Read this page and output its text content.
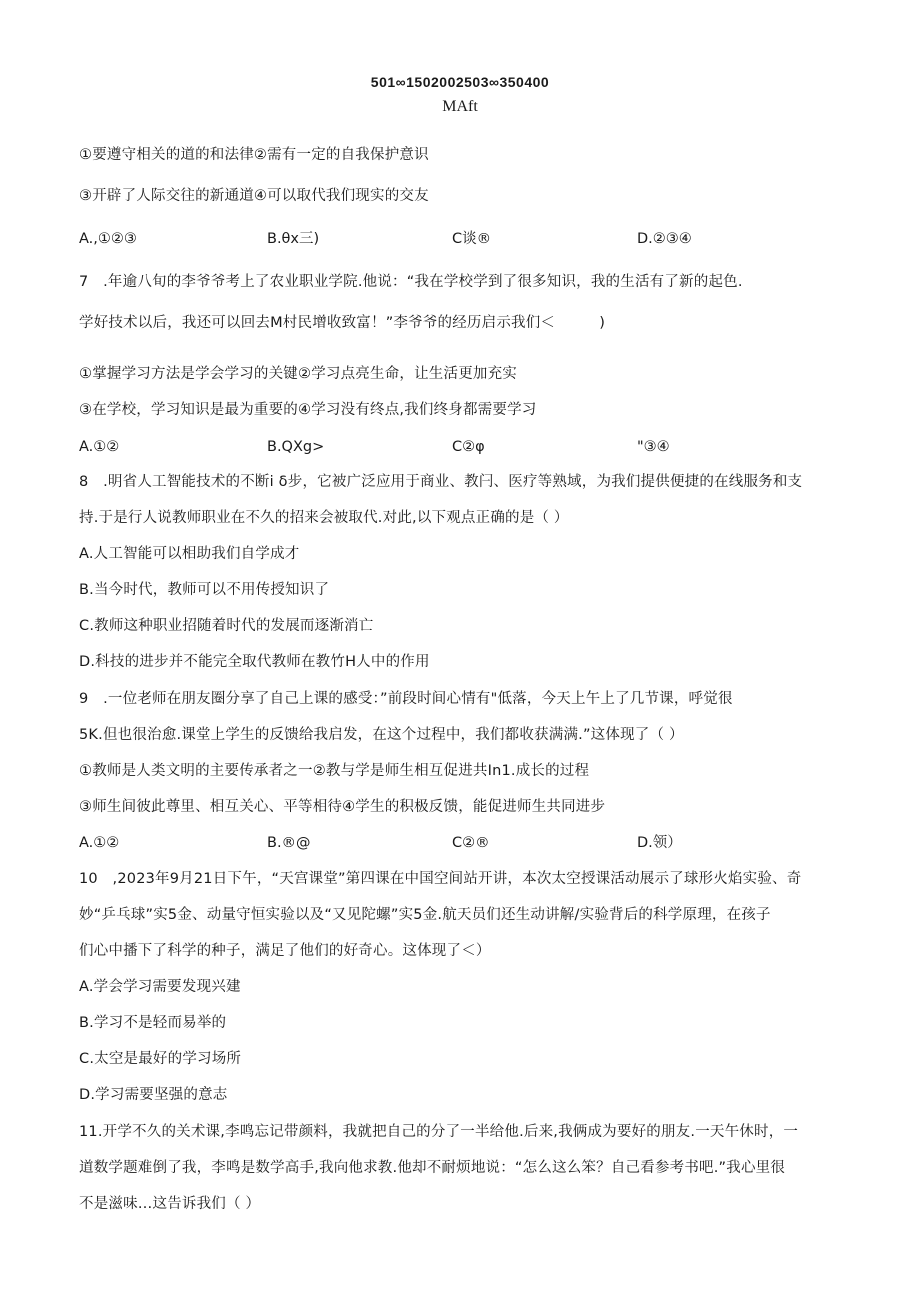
501∞1502002503∞350400
MAft
①要遵守相关的道的和法律②需有一定的自我保护意识
③开辟了人际交往的新通道④可以取代我们现实的交友
A.,①②③	B.θx三)	C谈®	D.②③④
7　.年逾八旬的李爷爷考上了农业职业学院.他说：“我在学校学到了很多知识，我的生活有了新的起色.
学好技术以后，我还可以回去M村民增收致富！”李爷爷的经历启示我们＜　　　)
①掌握学习方法是学会学习的关键②学习点亮生命，让生活更加充实
③在学校，学习知识是最为重要的④学习没有终点,我们终身都需要学习
A.①②	B.QXg>	C②φ	"③④
8　.明省人工智能技术的不断i δ步，它被广泛应用于商业、教闩、医疗等熟域，为我们提供便捷的在线服务和支
持.于是行人说教师职业在不久的招来会被取代.对此,以下观点正确的是（ ）
A.人工智能可以相助我们自学成才
B.当今时代，教师可以不用传授知识了
C.教师这种职业招随着时代的发展而逐渐消亡
D.科技的进步并不能完全取代教师在教竹H人中的作用
9　.一位老师在朋友圈分享了自己上课的感受：”前段时间心情有"低落，今天上午上了几节课，呼觉很
5K.但也很治愈.课堂上学生的反馈给我启发，在这个过程中，我们都收获满满.”这体现了（ ）
①教师是人类文明的主要传承者之一②教与学是师生相互促进共In1.成长的过程
③师生间彼此尊里、相互关心、平等相待④学生的积极反馈，能促进师生共同进步
A.①②	B.®@	C②®	D.领）
10　,2023年9月21日下午，“天宫课堂”第四课在中国空间站开讲，本次太空授课活动展示了球形火焰实验、奇
妙“乒乓球”实5金、动量守恒实验以及“又见陀螺”实5金.航天员们还生动讲解/实验背后的科学原理，在孩子
们心中播下了科学的种子，满足了他们的好奇心。这体现了＜）
A.学会学习需要发现兴建
B.学习不是轻而易举的
C.太空是最好的学习场所
D.学习需要坚强的意志
11.开学不久的关术课,李鸣忘记带颜料，我就把自己的分了一半给他.后来,我俩成为要好的朋友.一天午休时，一
道数学题难倒了我，李鸣是数学高手,我向他求教.他却不耐烦地说：“怎么这么笨？自己看参考书吧.”我心里很
不是滋味…这告诉我们（ ）
